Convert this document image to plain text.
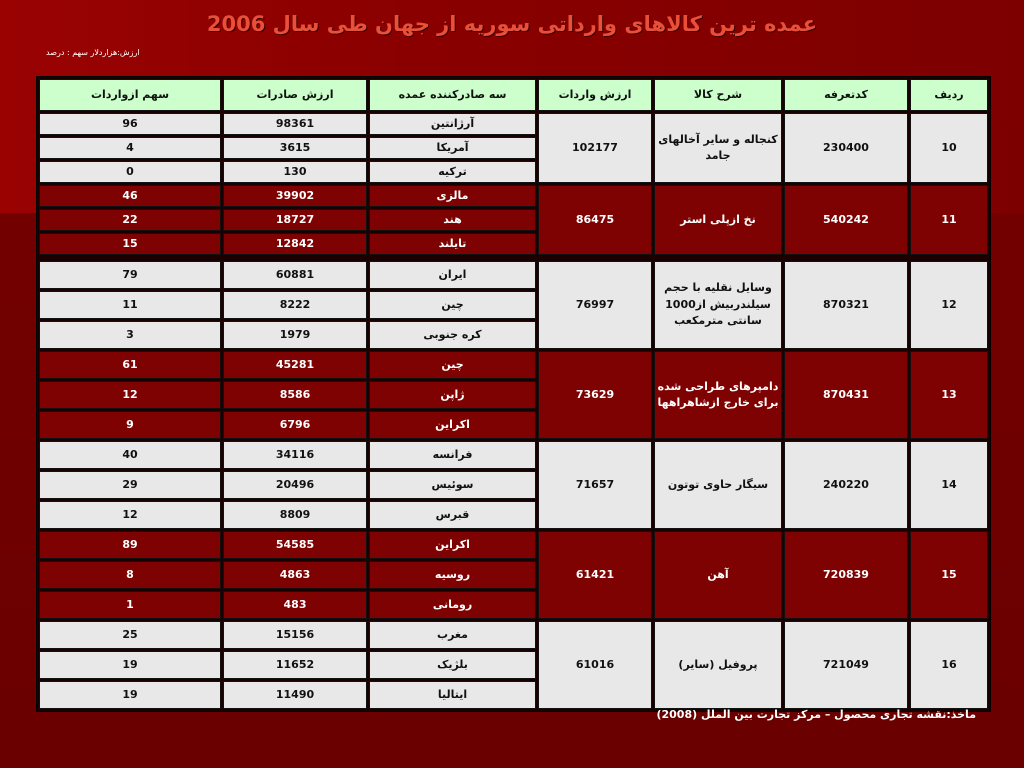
عمده ترین کالاهای وارداتی سوریه از جهان طی سال 2006
ارزش:هزاردلار سهم : درصد
ردیف	کدتعرفه	شرح کالا	ارزش واردات	سه صادرکننده عمده	ارزش صادرات	سهم ازواردات
10	230400	کنجاله و سایر آخالهای جامد	102177	آرژانتین	98361	96
				آمریکا	3615	4
				ترکیه	130	0
11	540242	نخ ازپلی استر	86475	مالزی	39902	46
				هند	18727	22
				تایلند	12842	15

12	870321	وسایل نقلیه با حجم سیلندربیش از1000 سانتی مترمکعب	76997	ایران	60881	79
				چین	8222	11
				کره جنوبی	1979	3
13	870431	دامپرهای طراحی شده برای خارج ازشاهراهها	73629	چین	45281	61
				ژاپن	8586	12
				اکراین	6796	9
14	240220	سیگار حاوی توتون	71657	فرانسه	34116	40
				سوئیس	20496	29
				قبرس	8809	12
15	720839	آهن	61421	اکراین	54585	89
				روسیه	4863	8
				رومانی	483	1
16	721049	پروفیل (سایر)	61016	مغرب	15156	25
				بلژیک	11652	19
				ایتالیا	11490	19
ماخذ:نقشه تجاری محصول – مرکز تجارت بین الملل (2008)
